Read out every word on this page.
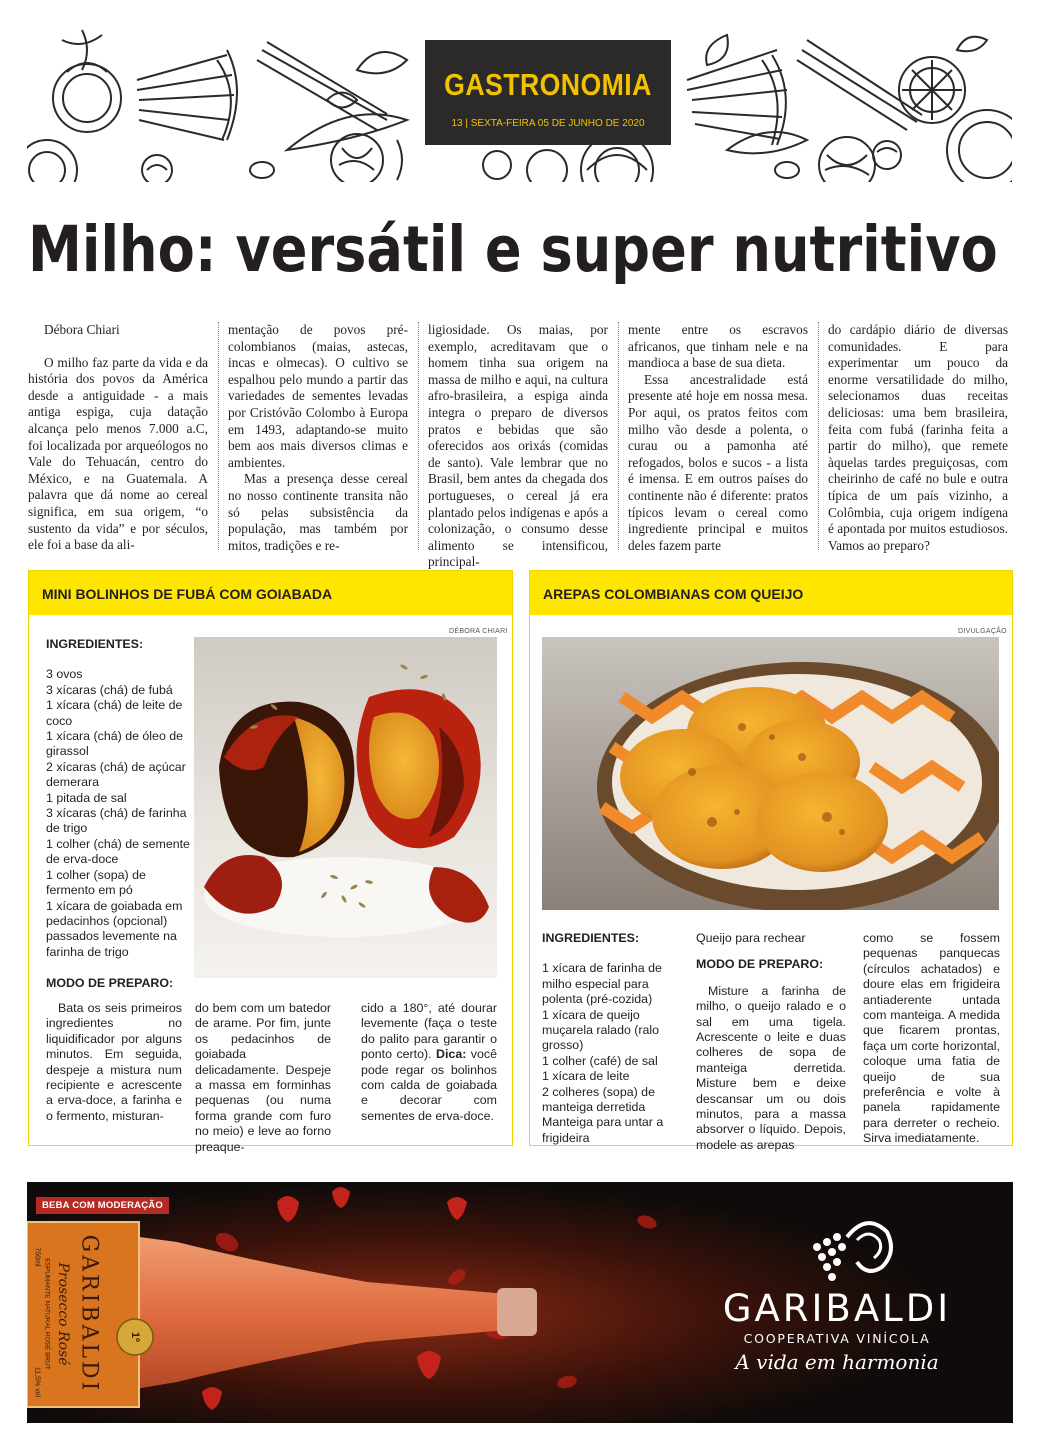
GASTRONOMIA
13 | SEXTA-FEIRA 05 DE JUNHO DE 2020
Milho: versátil e super nutritivo

Débora Chiari

O milho faz parte da vida e da história dos povos da América desde a antiguidade - a mais antiga espiga, cuja datação alcança pelo menos 7.000 a.C, foi localizada por arqueólogos no Vale do Tehuacán, centro do México, e na Guatemala. A palavra que dá nome ao cereal significa, em sua origem, “o sustento da vida” e por séculos, ele foi a base da ali-

mentação de povos pré-colombianos (maias, astecas, incas e olmecas). O cultivo se espalhou pelo mundo a partir das variedades de sementes levadas por Cristóvão Colombo à Europa em 1493, adaptando-se muito bem aos mais diversos climas e ambientes.

Mas a presença desse cereal no nosso continente transita não só pelas subsistência da população, mas também por mitos, tradições e re-

ligiosidade. Os maias, por exemplo, acreditavam que o homem tinha sua origem na massa de milho e aqui, na cultura afro-brasileira, a espiga ainda integra o preparo de diversos pratos e bebidas que são oferecidos aos orixás (comidas de santo). Vale lembrar que no Brasil, bem antes da chegada dos portugueses, o cereal já era plantado pelos indígenas e após a colonização, o consumo desse alimento se intensificou, principal-

mente entre os escravos africanos, que tinham nele e na mandioca a base de sua dieta.

Essa ancestralidade está presente até hoje em nossa mesa. Por aqui, os pratos feitos com milho vão desde a polenta, o curau ou a pamonha até refogados, bolos e sucos - a lista é imensa. E em outros países do continente não é diferente: pratos típicos levam o cereal como ingrediente principal e muitos deles fazem parte

do cardápio diário de diversas comunidades. E para experimentar um pouco da enorme versatilidade do milho, selecionamos duas receitas deliciosas: uma bem brasileira, feita com fubá (farinha feita a partir do milho), que remete àquelas tardes preguiçosas, com cheirinho de café no bule e outra típica de um país vizinho, a Colômbia, cuja origem indígena é apontada por muitos estudiosos. Vamos ao preparo?

MINI BOLINHOS DE FUBÁ COM GOIABADA
INGREDIENTES:
3 ovos
3 xícaras (chá) de fubá
1 xícara (chá) de leite de coco
1 xícara (chá) de óleo de girassol
2 xícaras (chá) de açúcar demerara
1 pitada de sal
3 xícaras (chá) de farinha de trigo
1 colher (chá) de semente de erva-doce
1 colher (sopa) de fermento em pó
1 xícara de goiabada em pedacinhos (opcional) passados levemente na farinha de trigo
MODO DE PREPARO:
DÉBORA CHIARI
Bata os seis primeiros ingredientes no liquidificador por alguns minutos. Em seguida, despeje a mistura num recipiente e acrescente a erva-doce, a farinha e o fermento, misturan-
do bem com um batedor de arame. Por fim, junte os pedacinhos de goiabada delicadamente. Despeje a massa em forminhas pequenas (ou numa forma grande com furo no meio) e leve ao forno preaque-
cido a 180°, até dourar levemente (faça o teste do palito para garantir o ponto certo). Dica: você pode regar os bolinhos com calda de goiabada e decorar com sementes de erva-doce.
AREPAS COLOMBIANAS COM QUEIJO
DIVULGAÇÃO
INGREDIENTES:
1 xícara de farinha de milho especial para polenta (pré-cozida)
1 xícara de queijo muçarela ralado (ralo grosso)
1 colher (café) de sal
1 xícara de leite
2 colheres (sopa) de manteiga derretida
Manteiga para untar a frigideira
Queijo para rechear
MODO DE PREPARO:
Misture a farinha de milho, o queijo ralado e o sal em uma tigela. Acrescente o leite e duas colheres de sopa de manteiga derretida. Misture bem e deixe descansar um ou dois minutos, para a massa absorver o líquido. Depois, modele as arepas
como se fossem pequenas panquecas (círculos achatados) e doure elas em frigideira antiaderente untada com manteiga. A medida que ficarem prontas, faça um corte horizontal, coloque uma fatia de queijo de sua preferência e volte à panela rapidamente para derreter o recheio. Sirva imediatamente.
BEBA COM MODERAÇÃO
GARIBALDI
Prosecco Rosé
ESPUMANTE NATURAL ROSÉ BRUT
750ml
11,5% vol
1º
GARIBALDI
COOPERATIVA VINÍCOLA
A vida em harmonia
